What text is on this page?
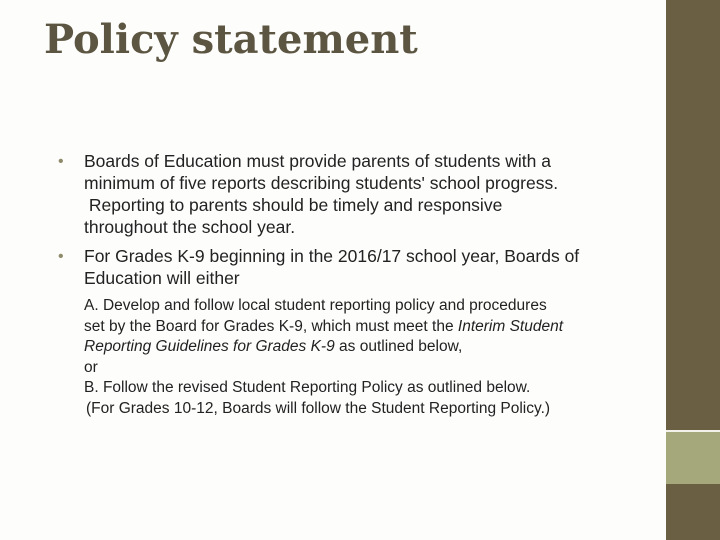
Policy statement
• Boards of Education must provide parents of students with a
minimum of five reports describing students' school progress.
Reporting to parents should be timely and responsive
throughout the school year.
• For Grades K-9 beginning in the 2016/17 school year, Boards of
Education will either

A. Develop and follow local student reporting policy and procedures

set by the Board for Grades K-9, which must meet the Interim Student

Reporting Guidelines for Grades K-9 as outlined below,

or

B. Follow the revised Student Reporting Policy as outlined below.

(For Grades 10-12, Boards will follow the Student Reporting Policy.)
